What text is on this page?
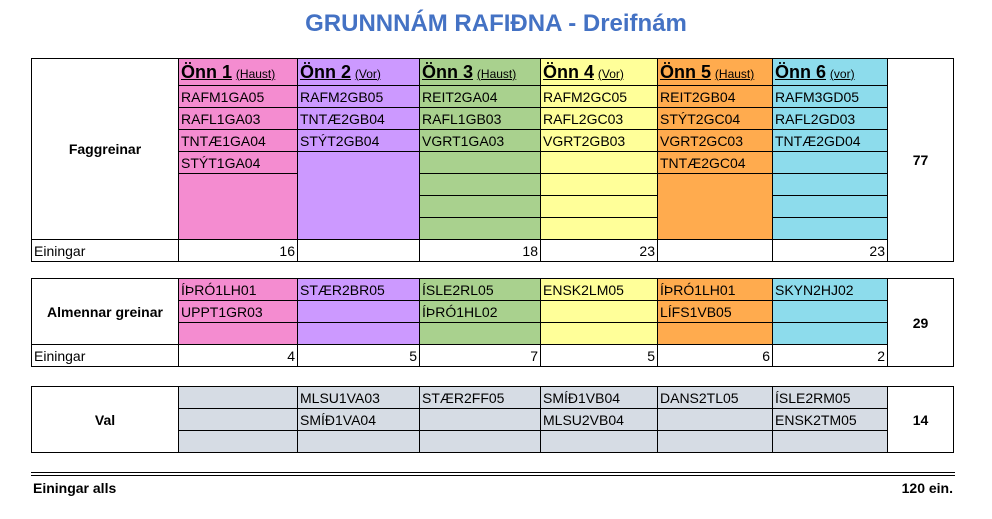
GRUNNNÁM RAFIÐNA - Dreifnám
Faggreinar	Önn 1 (Haust)	Önn 2 (Vor)	Önn 3 (Haust)	Önn 4 (Vor)	Önn 5 (Haust)	Önn 6 (vor)	77
	RAFM1GA05	RAFM2GB05	REIT2GA04	RAFM2GC05	REIT2GB04	RAFM3GD05	
	RAFL1GA03	TNTÆ2GB04	RAFL1GB03	RAFL2GC03	STÝT2GC04	RAFL2GD03	
	TNTÆ1GA04	STÝT2GB04	VGRT1GA03	VGRT2GB03	VGRT2GC03	TNTÆ2GD04	
	STÝT1GA04				TNTÆ2GC04		

Einingar	16		18	23		23	
Almennar greinar	ÍÞRÓ1LH01	STÆR2BR05	ÍSLE2RL05	ENSK2LM05	ÍÞRÓ1LH01	SKYN2HJ02	29
	UPPT1GR03		ÍÞRÓ1HL02		LÍFS1VB05		

Einingar	4	5	7	5	6	2	
Val		MLSU1VA03	STÆR2FF05	SMÍÐ1VB04	DANS2TL05	ÍSLE2RM05	14
		SMÍÐ1VA04		MLSU2VB04		ENSK2TM05	

Einingar alls	120 ein.
